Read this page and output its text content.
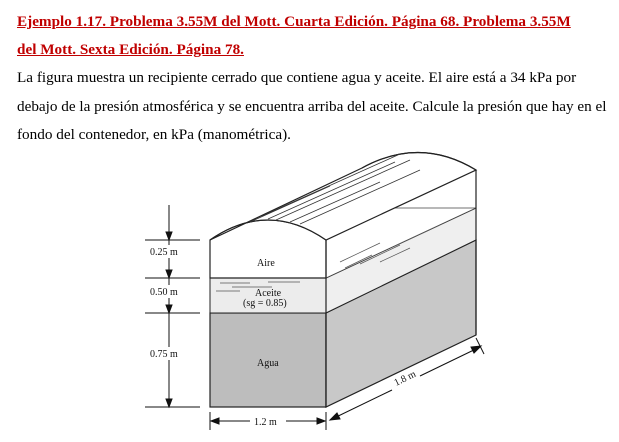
Ejemplo 1.17. Problema 3.55M del Mott. Cuarta Edición. Página 68. Problema 3.55M
del Mott. Sexta Edición. Página 78.

La figura muestra un recipiente cerrado que contiene agua y aceite. El aire está a 34 kPa por debajo de la presión atmosférica y se encuentra arriba del aceite. Calcule la presión que hay en el fondo del contenedor, en kPa (manométrica).

0.25 m
0.50 m
0.75 m
Aire
Aceite
(sg = 0.85)
Agua
1.2 m
1.8 m
